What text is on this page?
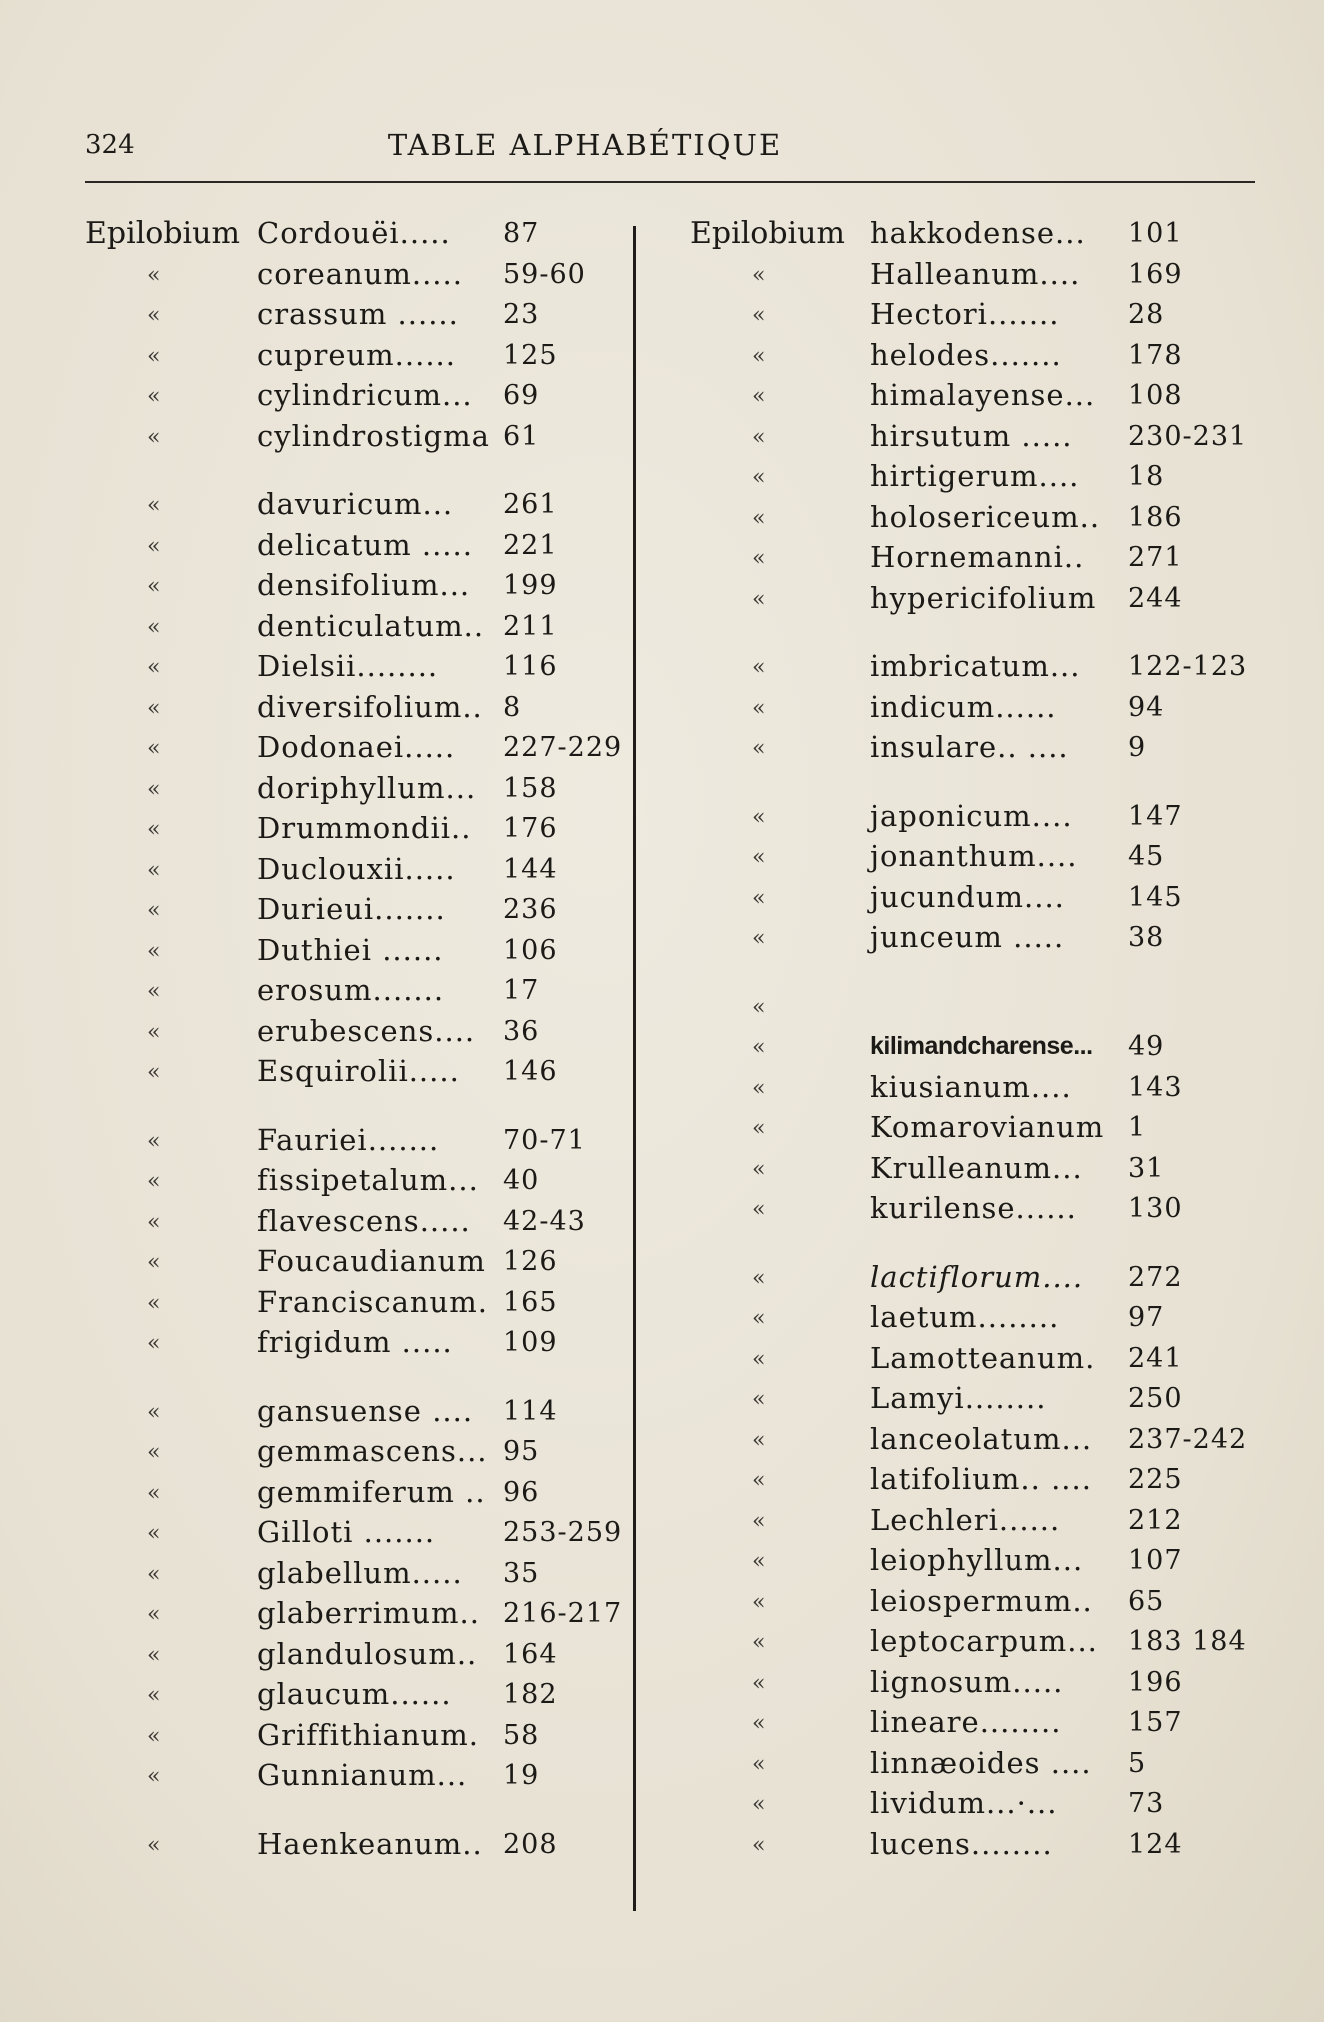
324	TABLE ALPHABÉTIQUE
Epilobium Cordouëi..... 87
«	coreanum..... 59-60
«	crassum ...... 23
«	cupreum...... 125
«	cylindricum... 69
«	cylindrostigma 61
«	davuricum... 261
«	delicatum ..... 221
«	densifolium... 199
«	denticulatum.. 211
«	Dielsii........ 116
«	diversifolium.. 8
«	Dodonaei..... 227-229
«	doriphyllum... 158
«	Drummondii.. 176
«	Duclouxii..... 144
«	Durieui....... 236
«	Duthiei ...... 106
«	erosum....... 17
«	erubescens.... 36
«	Esquirolii..... 146
«	Fauriei....... 70-71
«	fissipetalum... 40
«	flavescens..... 42-43
«	Foucaudianum 126
«	Franciscanum. 165
«	frigidum ..... 109
«	gansuense .... 114
«	gemmascens... 95
«	gemmiferum .. 96
«	Gilloti .......	253-259
«	glabellum..... 35
«	glaberrimum.. 216-217
«	glandulosum.. 164
«	glaucum...... 182
«	Griffithianum. 58
«	Gunnianum... 19
«	Haenkeanum.. 208
Epilobium hakkodense... 101
«	Halleanum.... 169
«	Hectori.......	28
«	helodes....... 178
«	himalayense... 108
«	hirsutum ..... 230-231
«	hirtigerum.... 18
«	holosericeum.. 186
«	Hornemanni.. 271
«	hypericifolium 244
«	imbricatum... 122-123
«	indicum......	94
«	insulare.. .... 9
«	japonicum.... 147
«	jonanthum.... 45
«	jucundum.... 145
«	junceum ..... 38
«
«	kilimandcharense... 49
«	kiusianum.... 143
«	Komarovianum 1
«	Krulleanum... 31
«	kurilense...... 130
«	lactiflorum.... 272
«	laetum........	97
«	Lamotteanum. 241
«	Lamyi........	250
«	lanceolatum... 237-242
«	latifolium.. .... 225
«	Lechleri......	212
«	leiophyllum... 107
«	leiospermum.. 65
«	leptocarpum... 183 184
«	lignosum..... 196
«	lineare........ 157
«	linnæoides .... 5
«	lividum...·...	73
«	lucens........	124
